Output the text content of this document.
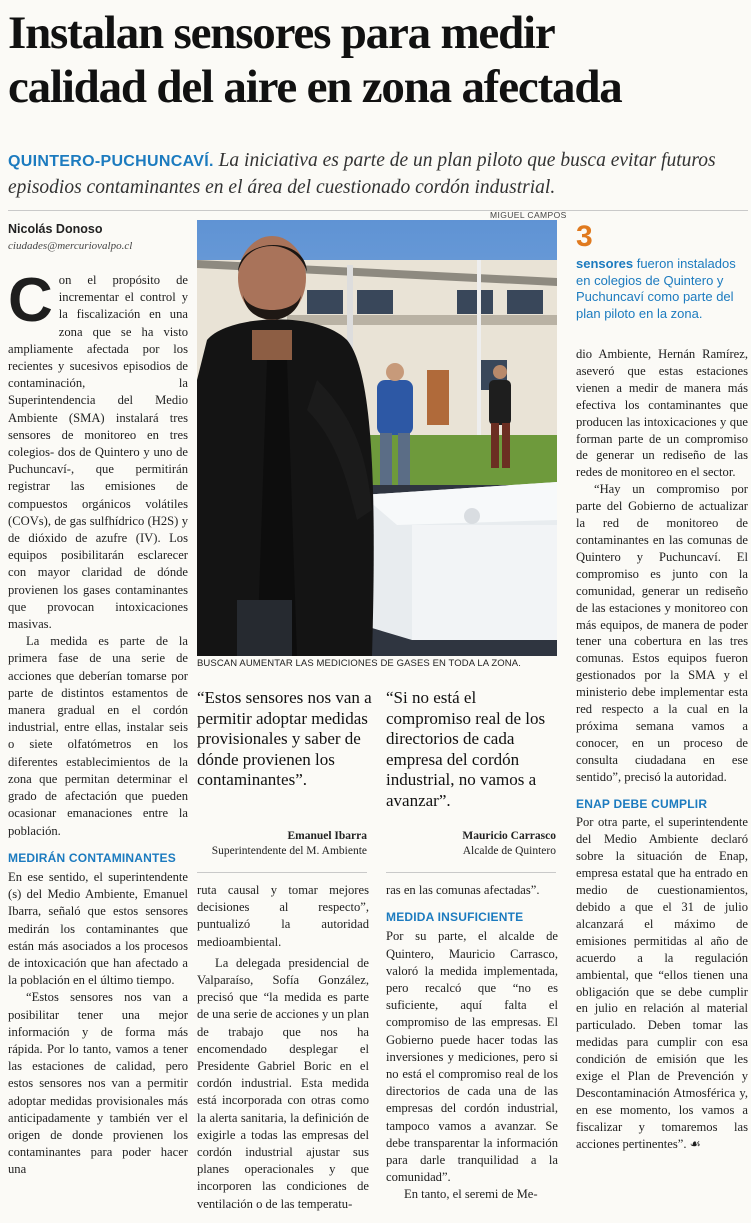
Instalan sensores para medir
calidad del aire en zona afectada
QUINTERO-PUCHUNCAVÍ. La iniciativa es parte de un plan piloto que busca evitar futuros episodios contaminantes en el área del cuestionado cordón industrial.
Nicolás Donoso
ciudades@mercuriovalpo.cl

Con el propósito de incrementar el control y la fiscalización en una zona que se ha visto ampliamente afectada por los recientes y sucesivos episodios de contaminación, la Superintendencia del Medio Ambiente (SMA) instalará tres sensores de monitoreo en tres colegios- dos de Quintero y uno de Puchuncaví-, que permitirán registrar las emisiones de compuestos orgánicos volátiles (COVs), de gas sulfhídrico (H2S) y de dióxido de azufre (IV). Los equipos posibilitarán esclarecer con mayor claridad de dónde provienen los gases contaminantes que provocan intoxicaciones masivas.

La medida es parte de la primera fase de una serie de acciones que deberían tomarse por parte de distintos estamentos de manera gradual en el cordón industrial, entre ellas, instalar seis o siete olfatómetros en los diferentes establecimientos de la zona que permitan determinar el grado de afectación que pueden ocasionar emanaciones entre la población.

MEDIRÁN CONTAMINANTES

En ese sentido, el superintendente (s) del Medio Ambiente, Emanuel Ibarra, señaló que estos sensores medirán los contaminantes que están más asociados a los procesos de intoxicación que han afectado a la población en el último tiempo.

“Estos sensores nos van a posibilitar tener una mejor información y de forma más rápida. Por lo tanto, vamos a tener las estaciones de calidad, pero estos sensores nos van a permitir adoptar medidas provisionales más anticipadamente y también ver el origen de donde provienen los contaminantes para poder hacer una

MIGUEL CAMPOS
BUSCAN AUMENTAR LAS MEDICIONES DE GASES EN TODA LA ZONA.
“Estos sensores nos van a permitir adoptar medidas provisionales y saber de dónde provienen los contaminantes”.
Emanuel Ibarra
Superintendente del M. Ambiente
“Si no está el compromiso real de los directorios de cada empresa del cordón industrial, no vamos a avanzar”.
Mauricio Carrasco
Alcalde de Quintero

ruta causal y tomar mejores decisiones al respecto”, puntualizó la autoridad medioambiental.

La delegada presidencial de Valparaíso, Sofía González, precisó que “la medida es parte de una serie de acciones y un plan de trabajo que nos ha encomendado desplegar el Presidente Gabriel Boric en el cordón industrial. Esta medida está incorporada con otras como la alerta sanitaria, la definición de exigirle a todas las empresas del cordón industrial ajustar sus planes operacionales y que incorporen las condiciones de ventilación o de las temperatu-

ras en las comunas afectadas”.

MEDIDA INSUFICIENTE

Por su parte, el alcalde de Quintero, Mauricio Carrasco, valoró la medida implementada, pero recalcó que “no es suficiente, aquí falta el compromiso de las empresas. El Gobierno puede hacer todas las inversiones y mediciones, pero si no está el compromiso real de los directorios de cada una de las empresas del cordón industrial, tampoco vamos a avanzar. Se debe transparentar la información para darle tranquilidad a la comunidad”.

En tanto, el seremi de Me-

3
sensores fueron instalados en colegios de Quintero y Puchuncaví como parte del plan piloto en la zona.

dio Ambiente, Hernán Ramírez, aseveró que estas estaciones vienen a medir de manera más efectiva los contaminantes que producen las intoxicaciones y que forman parte de un compromiso de generar un rediseño de las redes de monitoreo en el sector.

“Hay un compromiso por parte del Gobierno de actualizar la red de monitoreo de contaminantes en las comunas de Quintero y Puchuncaví. El compromiso es junto con la comunidad, generar un rediseño de las estaciones y monitoreo con más equipos, de manera de poder tener una cobertura en las tres comunas. Estos equipos fueron gestionados por la SMA y el ministerio debe implementar esta red respecto a la cual en la próxima semana vamos a conocer, en un proceso de consulta ciudadana en ese sentido”, precisó la autoridad.

ENAP DEBE CUMPLIR

Por otra parte, el superintendente del Medio Ambiente declaró sobre la situación de Enap, empresa estatal que ha entrado en medio de cuestionamientos, debido a que el 31 de julio alcanzará el máximo de emisiones permitidas al año de acuerdo a la regulación ambiental, que “ellos tienen una obligación que se debe cumplir en julio en relación al material particulado. Deben tomar las medidas para cumplir con esa condición de emisión que les exige el Plan de Prevención y Descontaminación Atmosférica y, en ese momento, los vamos a fiscalizar y tomaremos las acciones pertinentes”. ☙
